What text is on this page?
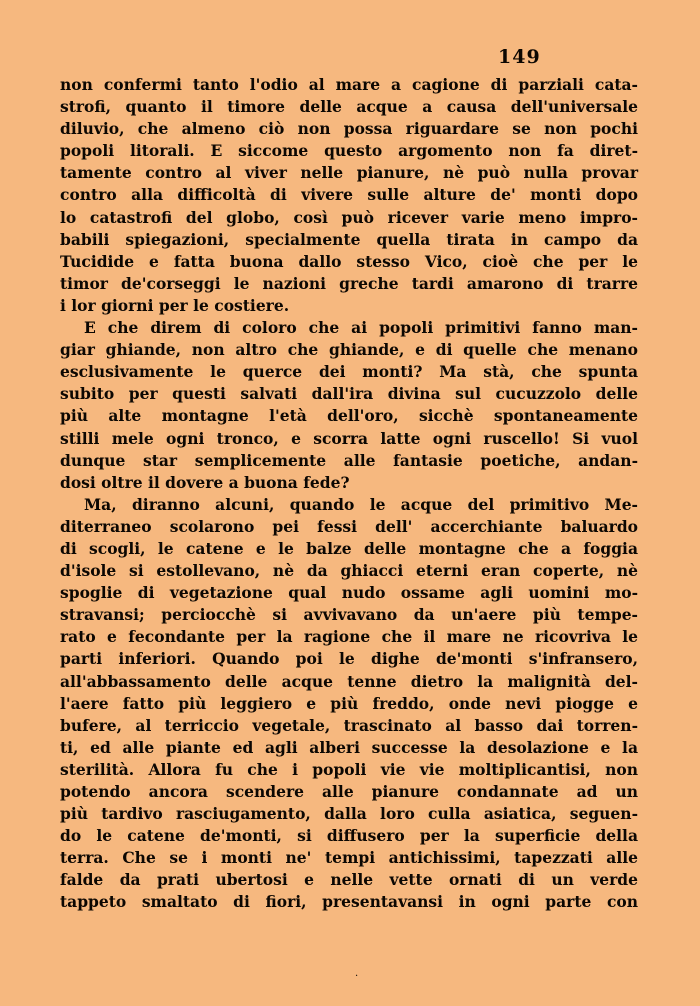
149
non confermi tanto l'odio al mare a cagione di parziali cata-
strofi, quanto il timore delle acque a causa dell'universale
diluvio, che almeno ciò non possa riguardare se non pochi
popoli litorali. E siccome questo argomento non fa diret-
tamente contro al viver nelle pianure, nè può nulla provar
contro alla difficoltà di vivere sulle alture de' monti dopo
lo catastrofi del globo, così può ricever varie meno impro-
babili spiegazioni, specialmente quella tirata in campo da
Tucidide e fatta buona dallo stesso Vico, cioè che per le
timor de'corseggi le nazioni greche tardi amarono di trarre
i lor giorni per le costiere.
E che direm di coloro che ai popoli primitivi fanno man-
giar ghiande, non altro che ghiande, e di quelle che menano
esclusivamente le querce dei monti? Ma stà, che spunta
subito per questi salvati dall'ira divina sul cucuzzolo delle
più alte montagne l'età dell'oro, sicchè spontaneamente
stilli mele ogni tronco, e scorra latte ogni ruscello! Si vuol
dunque star semplicemente alle fantasie poetiche, andan-
dosi oltre il dovere a buona fede?
Ma, diranno alcuni, quando le acque del primitivo Me-
diterraneo scolarono pei fessi dell' accerchiante baluardo
di scogli, le catene e le balze delle montagne che a foggia
d'isole si estollevano, nè da ghiacci eterni eran coperte, nè
spoglie di vegetazione qual nudo ossame agli uomini mo-
stravansi; perciocchè si avvivavano da un'aere più tempe-
rato e fecondante per la ragione che il mare ne ricovriva le
parti inferiori. Quando poi le dighe de'monti s'infransero,
all'abbassamento delle acque tenne dietro la malignità del-
l'aere fatto più leggiero e più freddo, onde nevi piogge e
bufere, al terriccio vegetale, trascinato al basso dai torren-
ti, ed alle piante ed agli alberi successe la desolazione e la
sterilità. Allora fu che i popoli vie vie moltiplicantisi, non
potendo ancora scendere alle pianure condannate ad un
più tardivo rasciugamento, dalla loro culla asiatica, seguen-
do le catene de'monti, si diffusero per la superficie della
terra. Che se i monti ne' tempi antichissimi, tapezzati alle
falde da prati ubertosi e nelle vette ornati di un verde
tappeto smaltato di fiori, presentavansi in ogni parte con
.
